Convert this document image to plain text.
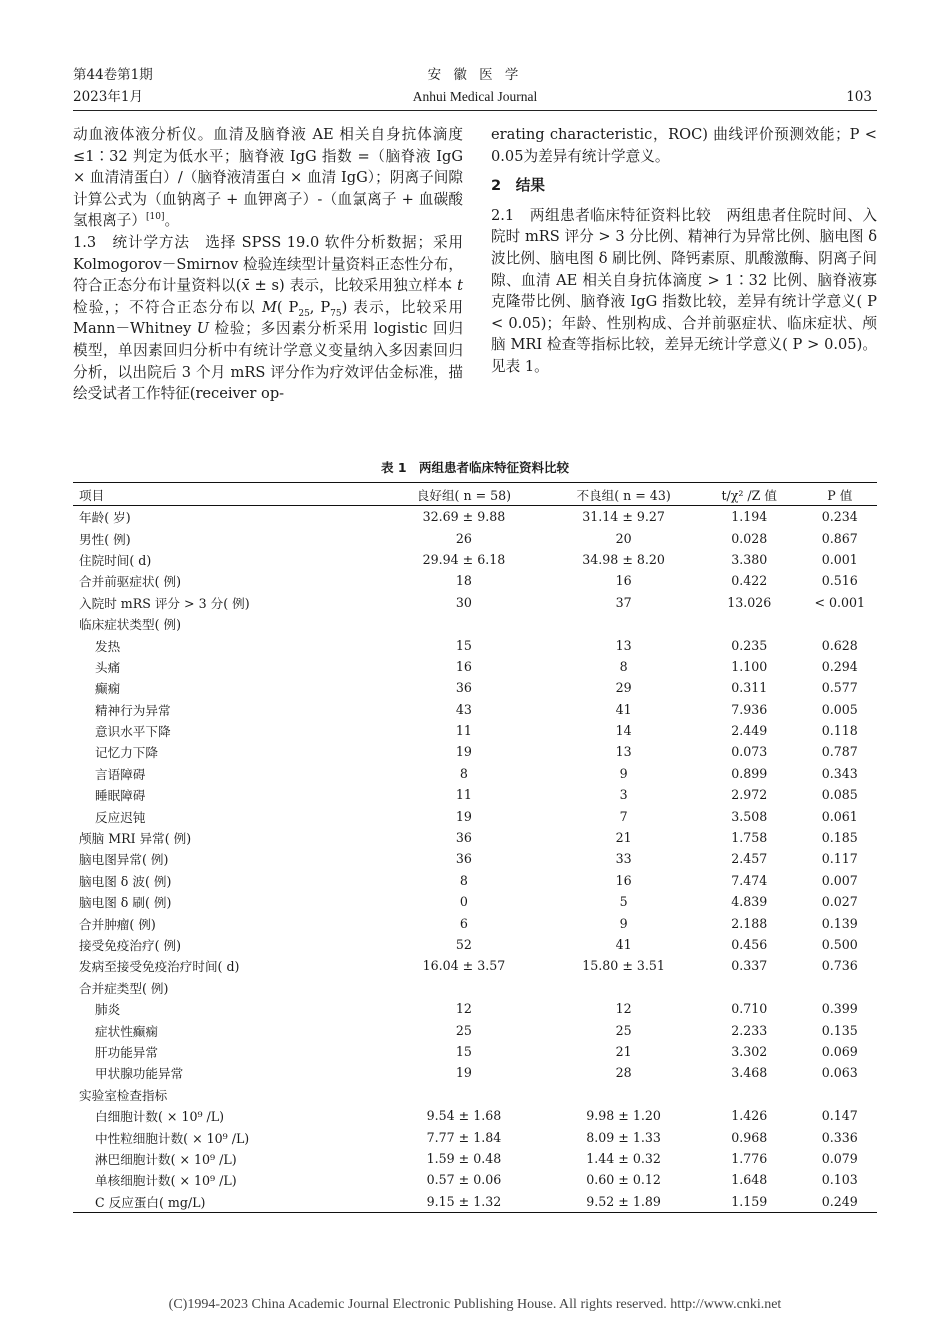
第44卷第1期
2023年1月
安 徽 医 学
Anhui Medical Journal	103

动血液体液分析仪。血清及脑脊液 AE 相关自身抗体滴度≤1∶32 判定为低水平；脑脊液 IgG 指数 =（脑脊液 IgG × 血清清蛋白）/（脑脊液清蛋白 × 血清 IgG）；阴离子间隙计算公式为（血钠离子 + 血钾离子）-（血氯离子 + 血碳酸氢根离子）[10]。

1.3　统计学方法　选择 SPSS 19.0 软件分析数据；采用 Kolmogorov－Smirnov 检验连续型计量资料正态性分布，符合正态分布计量资料以(x̄ ± s) 表示，比较采用独立样本 t 检验，；不符合正态分布以 M( $P_{25}$, $P_{75}$) 表示，比较采用 Mann－Whitney U 检验；多因素分析采用 logistic 回归模型，单因素回归分析中有统计学意义变量纳入多因素回归分析，以出院后 3 个月 mRS 评分作为疗效评估金标准，描绘受试者工作特征(receiver op-

erating characteristic，ROC) 曲线评价预测效能；P < 0.05为差异有统计学意义。

2　结果

2.1　两组患者临床特征资料比较　两组患者住院时间、入院时 mRS 评分 > 3 分比例、精神行为异常比例、脑电图 δ 波比例、脑电图 δ 刷比例、降钙素原、肌酸激酶、阴离子间隙、血清 AE 相关自身抗体滴度 > 1∶32 比例、脑脊液寡克隆带比例、脑脊液 IgG 指数比较，差异有统计学意义( P < 0.05)；年龄、性别构成、合并前驱症状、临床症状、颅脑 MRI 检查等指标比较，差异无统计学意义( P > 0.05)。见表 1。

表 1　两组患者临床特征资料比较
项目	良好组( n = 58)	不良组( n = 43)	t/χ² /Z 值	P 值
年龄( 岁)	32.69 ± 9.88	31.14 ± 9.27	1.194	0.234
男性( 例)	26	20	0.028	0.867
住院时间( d)	29.94 ± 6.18	34.98 ± 8.20	3.380	0.001
合并前驱症状( 例)	18	16	0.422	0.516
入院时 mRS 评分 > 3 分( 例)	30	37	13.026	< 0.001
临床症状类型( 例)				
发热	15	13	0.235	0.628
头痛	16	8	1.100	0.294
癫痫	36	29	0.311	0.577
精神行为异常	43	41	7.936	0.005
意识水平下降	11	14	2.449	0.118
记忆力下降	19	13	0.073	0.787
言语障碍	8	9	0.899	0.343
睡眠障碍	11	3	2.972	0.085
反应迟钝	19	7	3.508	0.061
颅脑 MRI 异常( 例)	36	21	1.758	0.185
脑电图异常( 例)	36	33	2.457	0.117
脑电图 δ 波( 例)	8	16	7.474	0.007
脑电图 δ 刷( 例)	0	5	4.839	0.027
合并肿瘤( 例)	6	9	2.188	0.139
接受免疫治疗( 例)	52	41	0.456	0.500
发病至接受免疫治疗时间( d)	16.04 ± 3.57	15.80 ± 3.51	0.337	0.736
合并症类型( 例)				
肺炎	12	12	0.710	0.399
症状性癫痫	25	25	2.233	0.135
肝功能异常	15	21	3.302	0.069
甲状腺功能异常	19	28	3.468	0.063
实验室检查指标				
白细胞计数( × 10⁹ /L)	9.54 ± 1.68	9.98 ± 1.20	1.426	0.147
中性粒细胞计数( × 10⁹ /L)	7.77 ± 1.84	8.09 ± 1.33	0.968	0.336
淋巴细胞计数( × 10⁹ /L)	1.59 ± 0.48	1.44 ± 0.32	1.776	0.079
单核细胞计数( × 10⁹ /L)	0.57 ± 0.06	0.60 ± 0.12	1.648	0.103
C 反应蛋白( mg/L)	9.15 ± 1.32	9.52 ± 1.89	1.159	0.249
(C)1994-2023 China Academic Journal Electronic Publishing House. All rights reserved. http://www.cnki.net
